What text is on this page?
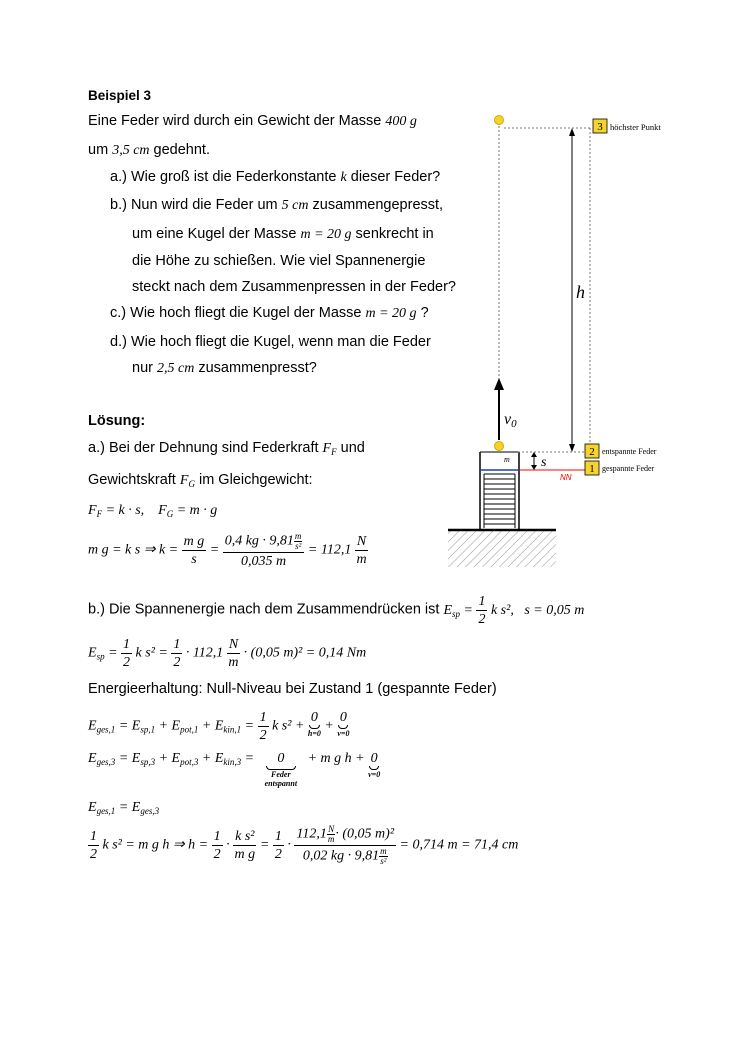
Beispiel 3
Eine Feder wird durch ein Gewicht der Masse 400 g
um 3,5 cm gedehnt.
a.) Wie groß ist die Federkonstante k dieser Feder?
b.) Nun wird die Feder um 5 cm zusammengepresst,
um eine Kugel der Masse m = 20 g senkrecht in
die Höhe zu schießen. Wie viel Spannenergie
steckt nach dem Zusammenpressen in der Feder?
c.) Wie hoch fliegt die Kugel der Masse m = 20 g ?
d.) Wie hoch fliegt die Kugel, wenn man die Feder
nur 2,5 cm zusammenpresst?
h
v0
s
m
NN
3 höchster Punkt
2 entspannte Feder
1 gespannte Feder
Lösung:
a.) Bei der Dehnung sind Federkraft $F_F$ und
Gewichtskraft $F_G$ im Gleichgewicht:
$F_F = k \cdot s$, $F_G = m \cdot g$
m g = k s ⇒ $k = \frac{\text{m g}}{s} = \frac{0,4 kg \cdot 9,81 \frac{m}{\text{s²}}}{0,035 m} = 112,1 \frac{N}{m}$
b.) Die Spannenergie nach dem Zusammendrücken ist $E_{sp} = \frac{1}{2}$ k s², s = 0,05 m
$E_{sp} = \frac{1}{2}$ k $s^2 = \frac{1}{2} \cdot 112,1 \frac{N}{m} \cdot (0,05$ m)² = 0,14 Nm
Energieerhaltung: Null-Niveau bei Zustand 1 (gespannte Feder)
$E_{ges,1} = E_{sp,1} + E_{pot,1} + E_{kin,1} = \frac{1}{2}$ k s² +
0
h=0 +
0
v=0
$E_{ges,3} = E_{sp,3} + E_{pot,3} + E_{kin,3}$ =	0
Feder
entspannt
+ m g h + 0
v=0
$E_{ges,1} = E_{ges,3}$
$\frac{1}{2}$ k s² = m g h ⇒ $h = \frac{1}{2} \cdot \frac{\text{k s²}}{\text{m g}} = \frac{1}{2} \cdot \frac{112,1 \frac{N}{m} \cdot (0,05 m)^2}{0,02 kg \cdot 9,81 \frac{m}{\text{s²}}} = 0,714$ m = 71,4 cm
